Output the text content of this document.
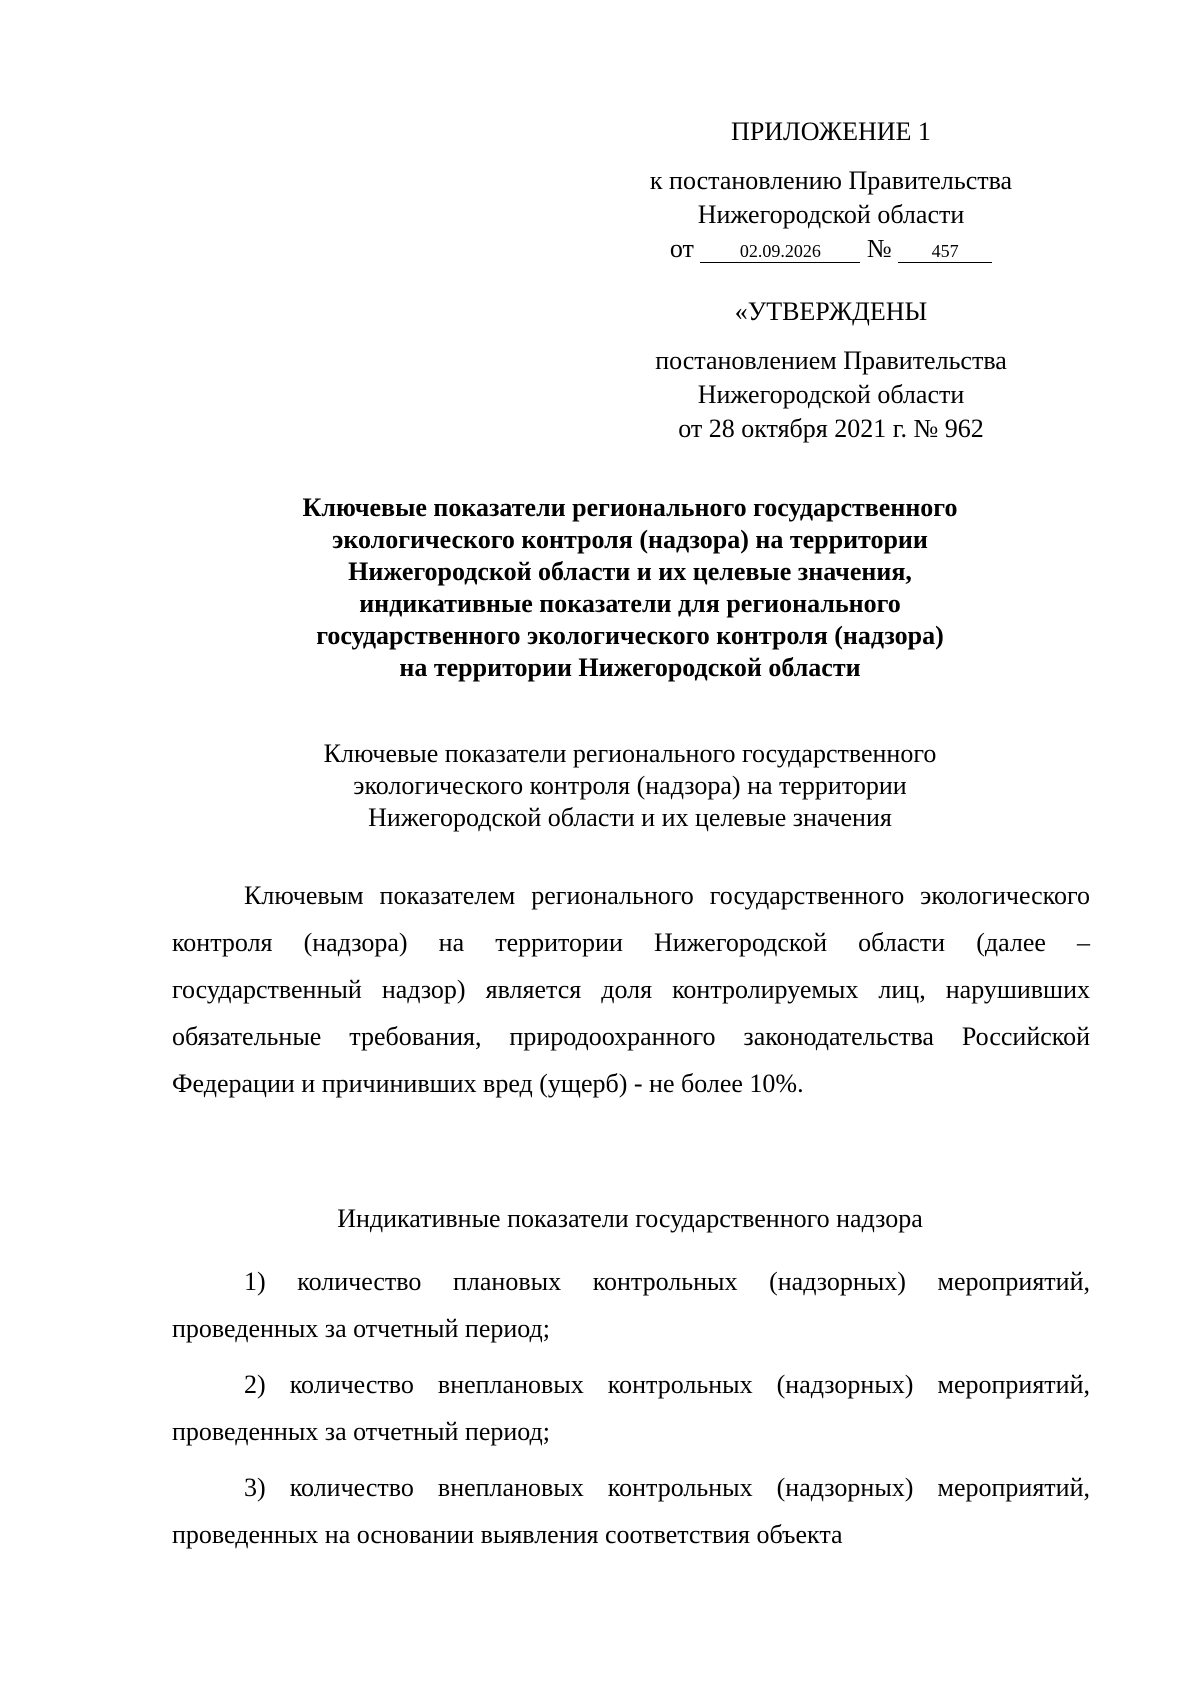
ПРИЛОЖЕНИЕ 1
к постановлению Правительства
Нижегородской области
от	02.09.2026 № 457
«УТВЕРЖДЕНЫ
постановлением Правительства
Нижегородской области
от 28 октября 2021 г. № 962
Ключевые показатели регионального государственного
экологического контроля (надзора) на территории
Нижегородской области и их целевые значения,
индикативные показатели для регионального
государственного экологического контроля (надзора)
на территории Нижегородской области
Ключевые показатели регионального государственного
экологического контроля (надзора) на территории
Нижегородской области и их целевые значения

Ключевым показателем регионального государственного экологического контроля (надзора) на территории Нижегородской области (далее – государственный надзор) является доля контролируемых лиц, нарушивших обязательные требования, природоохранного законодательства Российской Федерации и причинивших вред (ущерб) - не более 10%.

Индикативные показатели государственного надзора

1) количество плановых контрольных (надзорных) мероприятий, проведенных за отчетный период;

2) количество внеплановых контрольных (надзорных) мероприятий, проведенных за отчетный период;

3) количество внеплановых контрольных (надзорных) мероприятий, проведенных на основании выявления соответствия объекта
